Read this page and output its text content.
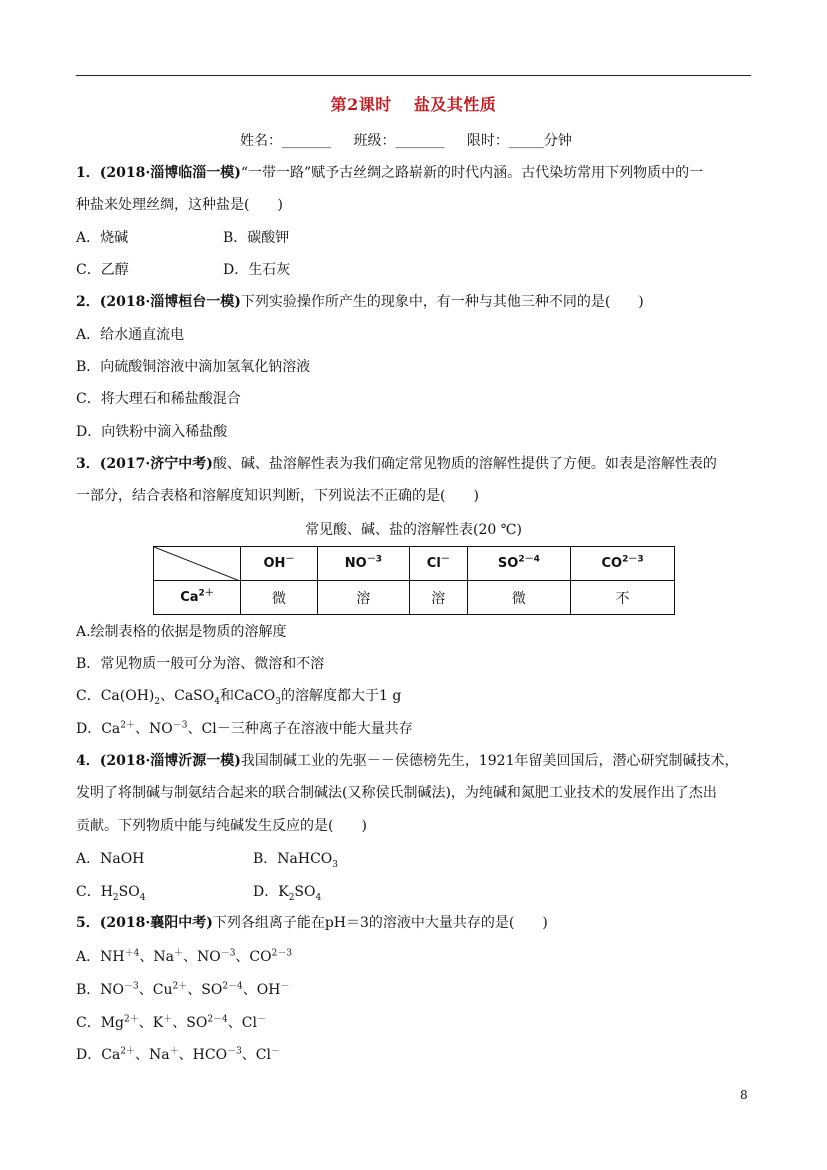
第2课时 盐及其性质
姓名：_______ 班级：_______ 限时：_____分钟
1．(2018·淄博临淄一模)“一带一路”赋予古丝绸之路崭新的时代内涵。古代染坊常用下列物质中的一
种盐来处理丝绸，这种盐是(　　)
A．烧碱	B．碳酸钾
C．乙醇	D．生石灰
2．(2018·淄博桓台一模)下列实验操作所产生的现象中，有一种与其他三种不同的是(　　)
A．给水通直流电
B．向硫酸铜溶液中滴加氢氧化钠溶液
C．将大理石和稀盐酸混合
D．向铁粉中滴入稀盐酸
3．(2017·济宁中考)酸、碱、盐溶解性表为我们确定常见物质的溶解性提供了方便。如表是溶解性表的
一部分，结合表格和溶解度知识判断，下列说法不正确的是(　　)
常见酸、碱、盐的溶解性表(20 ℃)
	OH－	$NO^{-3}$	Cl－	$SO^{2-4}$	$CO^{2-3}$
$Ca^{2+}$	微	溶	溶	微	不
A.绘制表格的依据是物质的溶解度
B．常见物质一般可分为溶、微溶和不溶
C．$Ca(OH)_2$、CaSO$_4$和CaCO$_3$的溶解度都大于1 g
D．$Ca^{2+}$、$NO^{-3}$、Cl－三种离子在溶液中能大量共存
4．(2018·淄博沂源一模)我国制碱工业的先驱－－侯德榜先生，1921年留美回国后，潜心研究制碱技术，
发明了将制碱与制氨结合起来的联合制碱法(又称侯氏制碱法)，为纯碱和氮肥工业技术的发展作出了杰出
贡献。下列物质中能与纯碱发生反应的是(　　)
A．NaOH	B．NaHCO$_3$
C．$H_2SO_4$	D．$K_2SO_4$
5．(2018·襄阳中考)下列各组离子能在pH＝3的溶液中大量共存的是(　　)
A．$NH^{+4}$、Na＋、$NO^{-3}$、$CO^{2-3}$
B．$NO^{-3}$、$Cu^{2+}$、$SO^{2-4}$、OH－
C．$Mg^{2+}$、K＋、$SO^{2-4}$、Cl－
D．$Ca^{2+}$、Na＋、$HCO^{-3}$、Cl－
8
